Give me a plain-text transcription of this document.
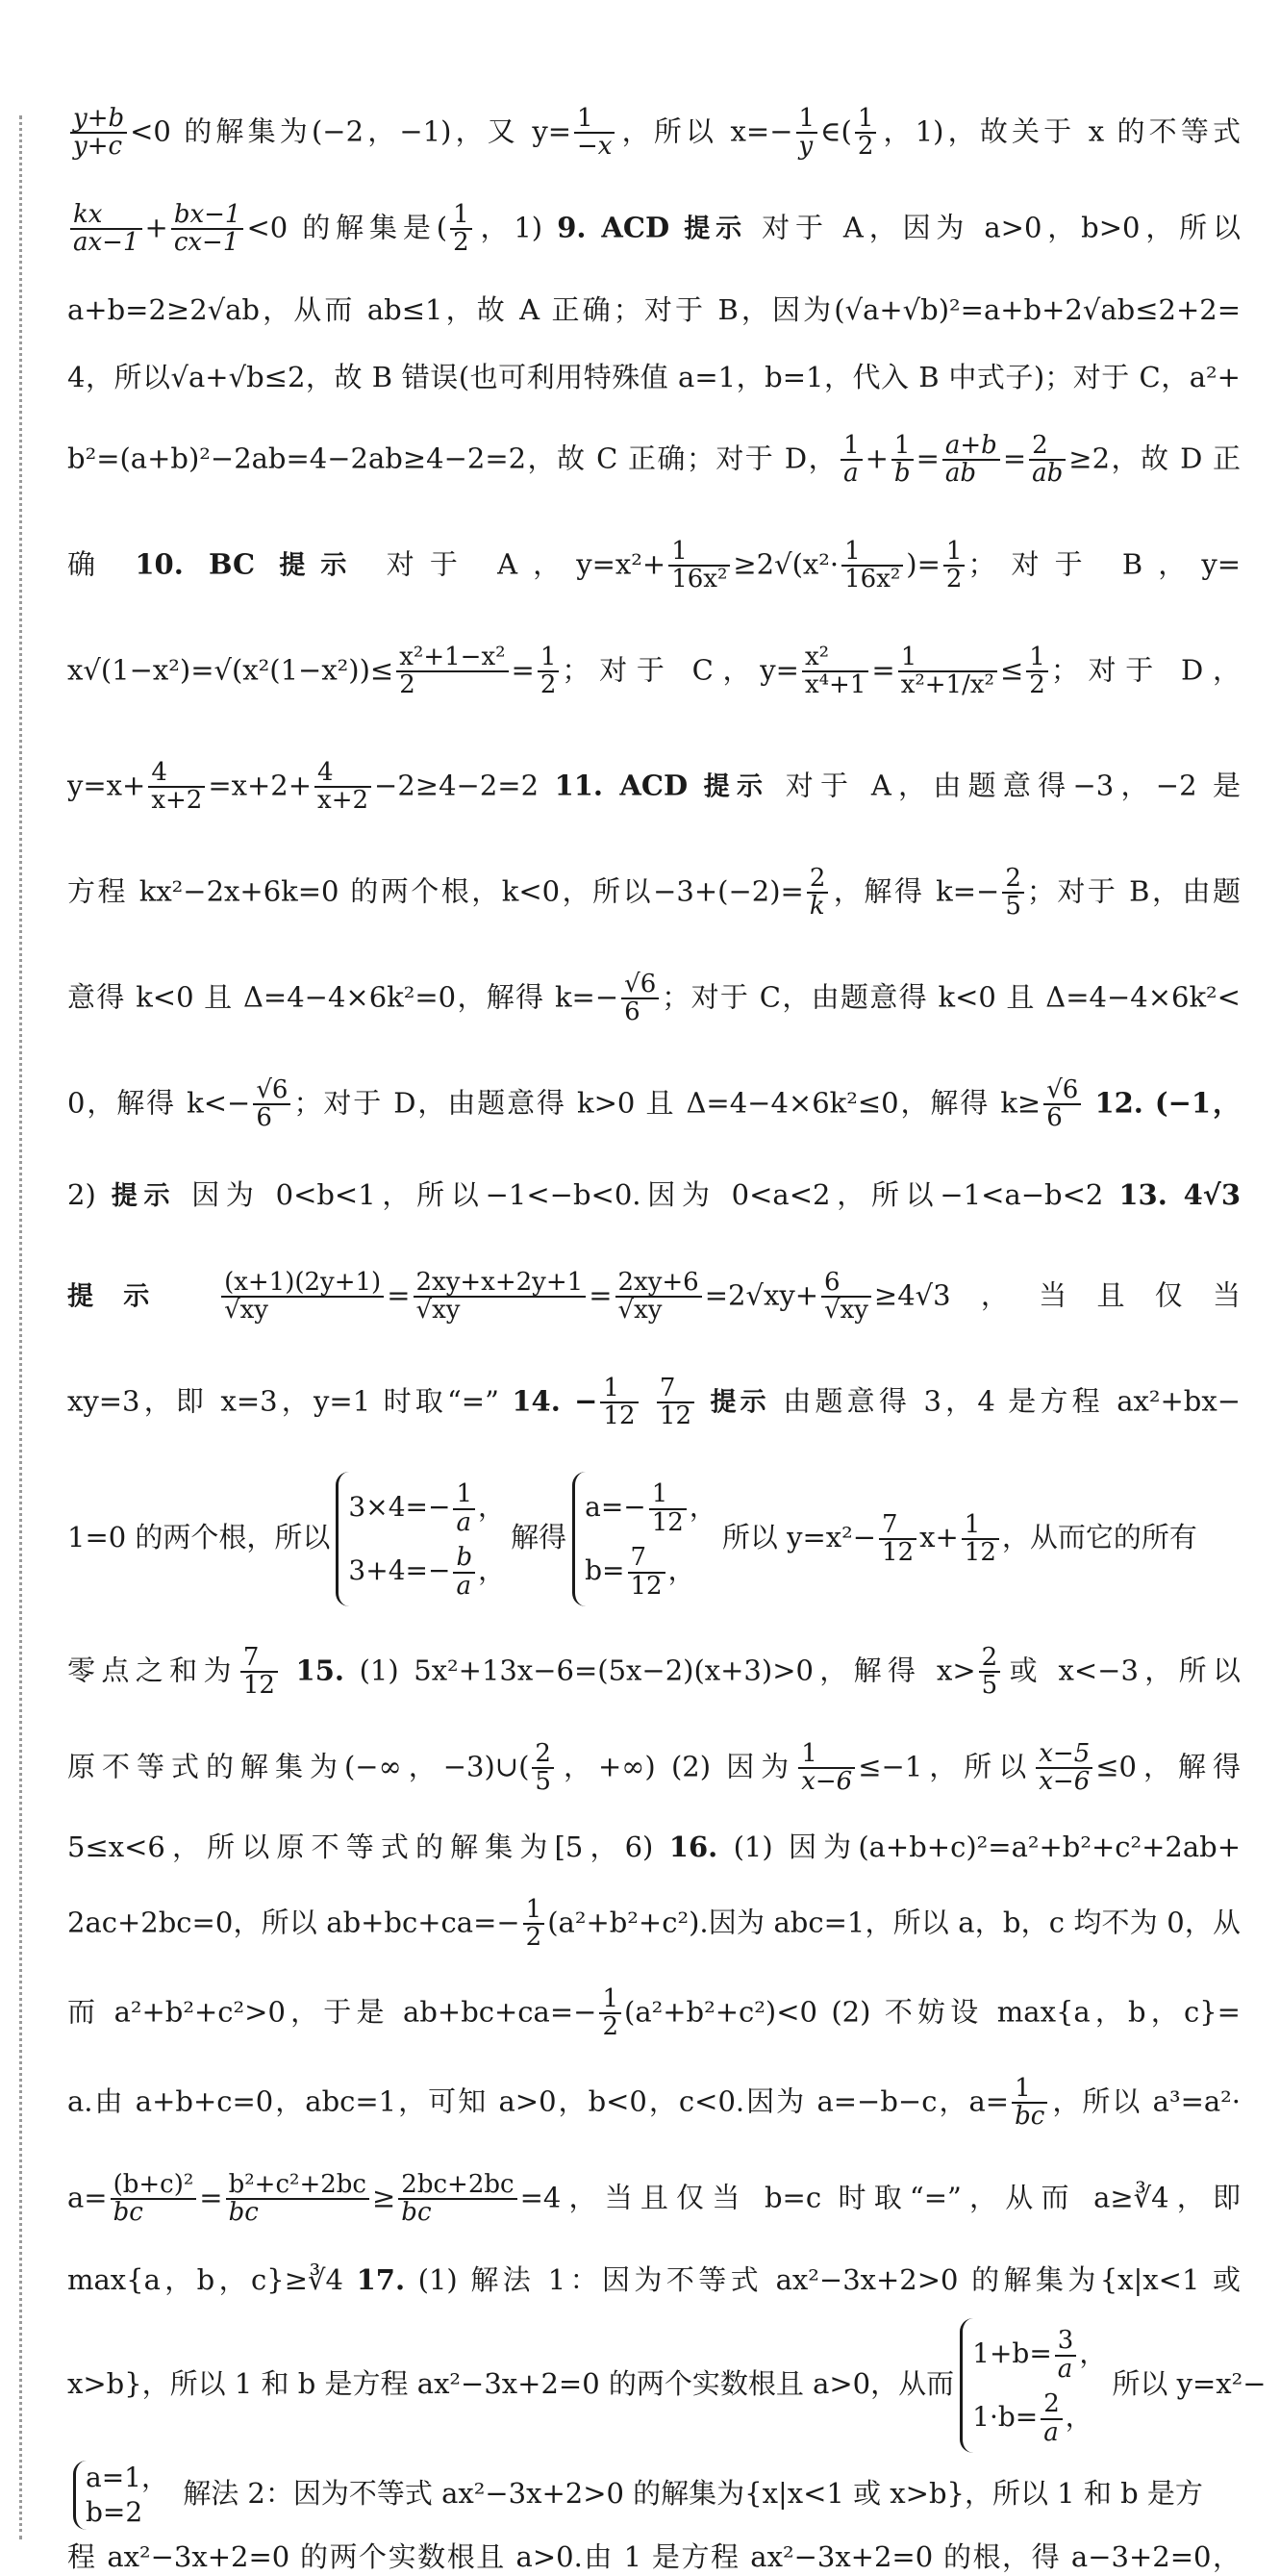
$\frac{y+b}{y+c} <0$ 的解集为(−2，−1)，又 $y= \frac{1}{-x}$ ，所以 $x=- \frac{1}{y}$ ∈( $\frac{1}{2}$ ，1)，故关于 x 的不等式
$\frac{kx}{ax-1} + \frac{bx-1}{cx-1} <0$ 的解集是( $\frac{1}{2}$ ，1) 9. ACD 提示 对于 A，因为 a>0，b>0，所以
a+b=2≥2√ab，从而 ab≤1，故 A 正确；对于 B，因为(√a+√b)²=a+b+2√ab≤2+2=
4，所以√a+√b≤2，故 B 错误(也可利用特殊值 a=1，b=1，代入 B 中式子)；对于 C，a²+
b²=(a+b)²−2ab=4−2ab≥4−2=2，故 C 正确；对于 D， $\frac{1}{a} + \frac{1}{b} = \frac{a+b}{ab} = \frac{2}{ab} \ge 2$，故 D 正
确 10. BC 提示 对于 A，$y=x^2+ \frac{1}{\text{16x²}} \ge 2√(x^2\cdot \frac{1}{\text{16x²}}$ )= $\frac{1}{2}$ ；对于 B，y=
$x√(1-x^2)=√(x^2(1-x^2))\le \frac{\text{x²+1−x²}}{2} = \frac{1}{2}$ ；对于 C，$y= \frac{\text{x²}}{\text{x⁴+1}} = \frac{1}{\text{x²+1/x²}} \le \frac{1}{2}$ ；对于 D，
$y=x+ \frac{4}{x+2} =x+2+ \frac{4}{x+2} -2\ge 4-2=2$ 11. ACD 提示 对于 A，由题意得−3，−2 是
方程 kx²−2x+6k=0 的两个根，k<0，所以$-3+(-2)= \frac{2}{k}$ ，解得 $k=- \frac{2}{5}$ ；对于 B，由题
意得 k<0 且 Δ=4−4×6k²=0，解得 $k=- \frac{√6}{6}$ ；对于 C，由题意得 k<0 且 Δ=4−4×6k²<
0，解得 $k<- \frac{√6}{6}$ ；对于 D，由题意得 k>0 且 Δ=4−4×6k²≤0，解得 $k\ge \frac{√6}{6} 12$. (−1，
2) 提示 因为 0<b<1，所以−1<−b<0.因为 0<a<2，所以−1<a−b<2 13. 4√3
提示 $\frac{(x+1)(2y+1)}{√xy} = \frac{2xy+x+2y+1}{√xy} = \frac{2xy+6}{√xy} =2√xy+ \frac{6}{√xy} \ge 4√3$，当且仅当
xy=3，即 x=3，y=1 时取“=” 14. − $\frac{1}{12}$
$\frac{7}{12}$ 提示 由题意得 3，4 是方程 ax²+bx−
1=0 的两个根，所以
$3\times 4=- \frac{1}{a}$ ，
$3+4=- \frac{b}{a}$ ，
解得
$a=- \frac{1}{12}$ ，
$b= \frac{7}{12}$ ，
所以 $y=x^2- \frac{7}{12} x+ \frac{1}{12}$ ，从而它的所有
零点之和为 $\frac{7}{12} 15$. (1) 5x²+13x−6=(5x−2)(x+3)>0，解得 $x> \frac{2}{5}$ 或 x<−3，所以
原不等式的解集为(−∞，−3)∪( $\frac{2}{5}$ ，+∞) (2) 因为 $\frac{1}{x-6} \le-1$，所以 $\frac{x-5}{x-6} \le 0$，解得
5≤x<6，所以原不等式的解集为[5，6) 16. (1) 因为(a+b+c)²=a²+b²+c²+2ab+
2ac+2bc=0，所以 $ab+bc+ca=- \frac{1}{2} (a^2+b^2+c^2)$.因为 abc=1，所以 a，b，c 均不为 0，从
而 a²+b²+c²>0，于是 $ab+bc+ca=- \frac{1}{2} (a^2+b^2+c^2)<0$ (2) 不妨设 max{a，b，c}=
a.由 a+b+c=0，abc=1，可知 a>0，b<0，c<0.因为 a=−b−c，$a= \frac{1}{bc}$ ，所以 a³=a²·
$a= \frac{\text{(b+c)²}}{bc} = \frac{\text{b²+c²+2bc}}{bc} \ge \frac{2bc+2bc}{bc} =4$，当且仅当 b=c 时取“=”，从而 a≥∛4，即
max{a，b，c}≥∛4 17. (1) 解法 1：因为不等式 ax²−3x+2>0 的解集为{x|x<1 或
x>b}，所以 1 和 b 是方程 ax²−3x+2=0 的两个实数根且 a>0，从而
$1+b= \frac{3}{a}$ ，
$1\cdot b= \frac{2}{a}$ ，
所以 y=x²−
a=1，
b=2
解法 2：因为不等式 ax²−3x+2>0 的解集为{x|x<1 或 x>b}，所以 1 和 b 是方
程 ax²−3x+2=0 的两个实数根且 a>0.由 1 是方程 ax²−3x+2=0 的根，得 a−3+2=0，
